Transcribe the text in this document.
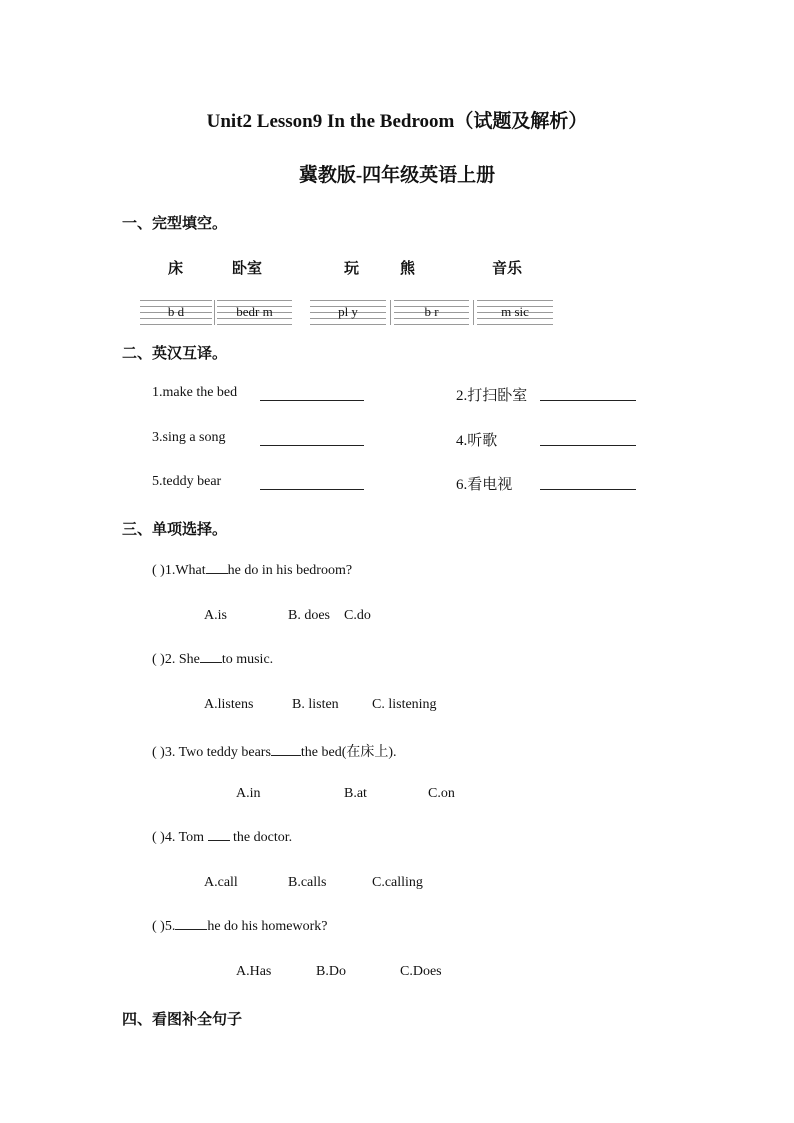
Unit2 Lesson9 In the Bedroom（试题及解析）
冀教版-四年级英语上册
一、完型填空。
床	卧室	玩	熊	音乐
b d	bedr m	pl y	b r	m sic
二、英汉互译。
1.make the bed	2.打扫卧室
3.sing a song	4.听歌
5.teddy bear	6.看电视
三、单项选择。
( )1.What he do in his bedroom?
A.is	B. does C.do
( )2. She to music.
A.listens	B. listen C. listening
( )3. Two teddy bears the bed(在床上).
A.in	B.at	C.on
( )4. Tom  the doctor.
A.call	B.calls	C.calling
( )5. he do his homework?
A.Has	B.Do	C.Does
四、看图补全句子
